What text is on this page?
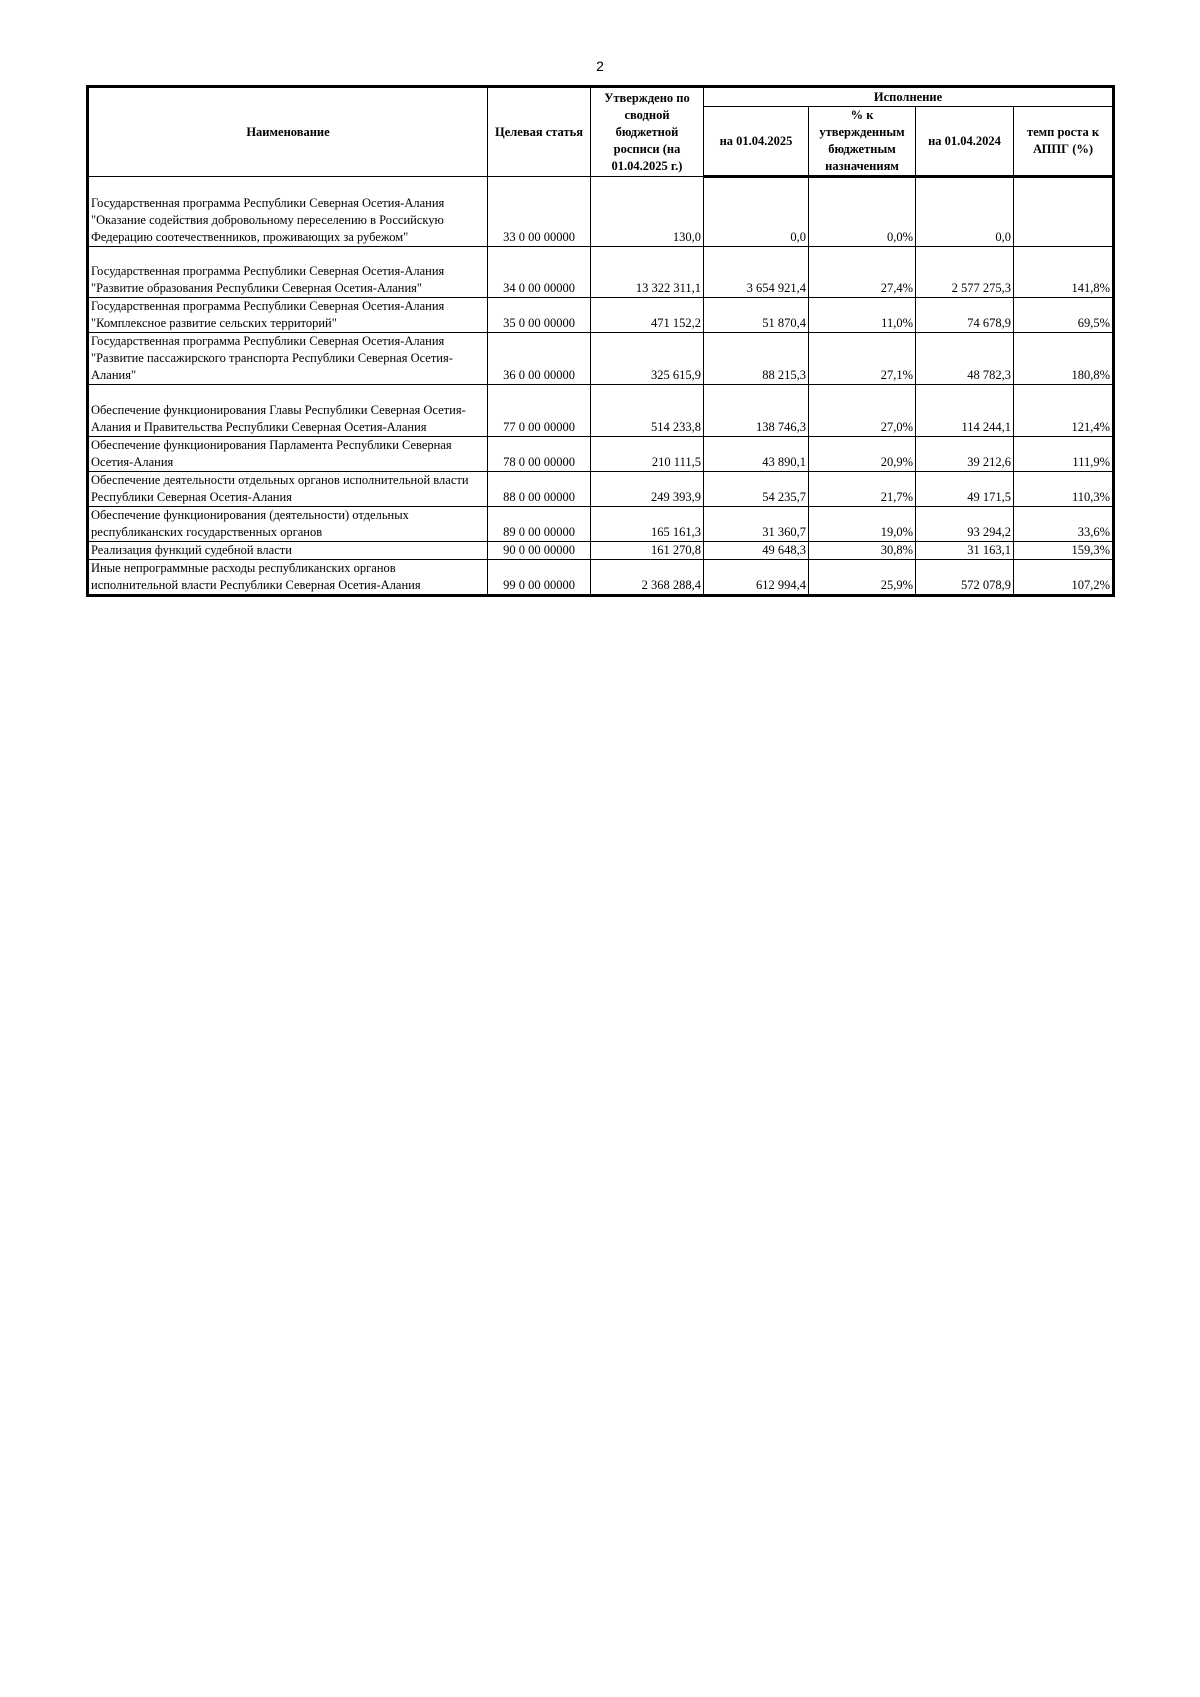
2
Наименование	Целевая статья	Утверждено по сводной бюджетной росписи (на 01.04.2025 г.)	Исполнение			
			на 01.04.2025	% к утвержденным бюджетным назначениям	на 01.04.2024	темп роста к АППГ (%)
Государственная программа Республики Северная Осетия-Алания "Оказание содействия добровольному переселению в Российскую Федерацию соотечественников, проживающих за рубежом"	33 0 00 00000	130,0	0,0	0,0%	0,0	
Государственная программа Республики Северная Осетия-Алания "Развитие образования Республики Северная Осетия-Алания"	34 0 00 00000	13 322 311,1	3 654 921,4	27,4%	2 577 275,3	141,8%
Государственная программа Республики Северная Осетия-Алания "Комплексное развитие сельских территорий"	35 0 00 00000	471 152,2	51 870,4	11,0%	74 678,9	69,5%
Государственная программа Республики Северная Осетия-Алания "Развитие пассажирского транспорта Республики Северная Осетия-Алания"	36 0 00 00000	325 615,9	88 215,3	27,1%	48 782,3	180,8%
Обеспечение функционирования Главы Республики Северная Осетия-Алания и Правительства Республики Северная Осетия-Алания	77 0 00 00000	514 233,8	138 746,3	27,0%	114 244,1	121,4%
Обеспечение функционирования Парламента Республики Северная Осетия-Алания	78 0 00 00000	210 111,5	43 890,1	20,9%	39 212,6	111,9%
Обеспечение деятельности отдельных органов исполнительной власти Республики Северная Осетия-Алания	88 0 00 00000	249 393,9	54 235,7	21,7%	49 171,5	110,3%
Обеспечение функционирования (деятельности) отдельных республиканских государственных органов	89 0 00 00000	165 161,3	31 360,7	19,0%	93 294,2	33,6%
Реализация функций судебной власти	90 0 00 00000	161 270,8	49 648,3	30,8%	31 163,1	159,3%
Иные непрограммные расходы республиканских органов исполнительной власти Республики Северная Осетия-Алания	99 0 00 00000	2 368 288,4	612 994,4	25,9%	572 078,9	107,2%
